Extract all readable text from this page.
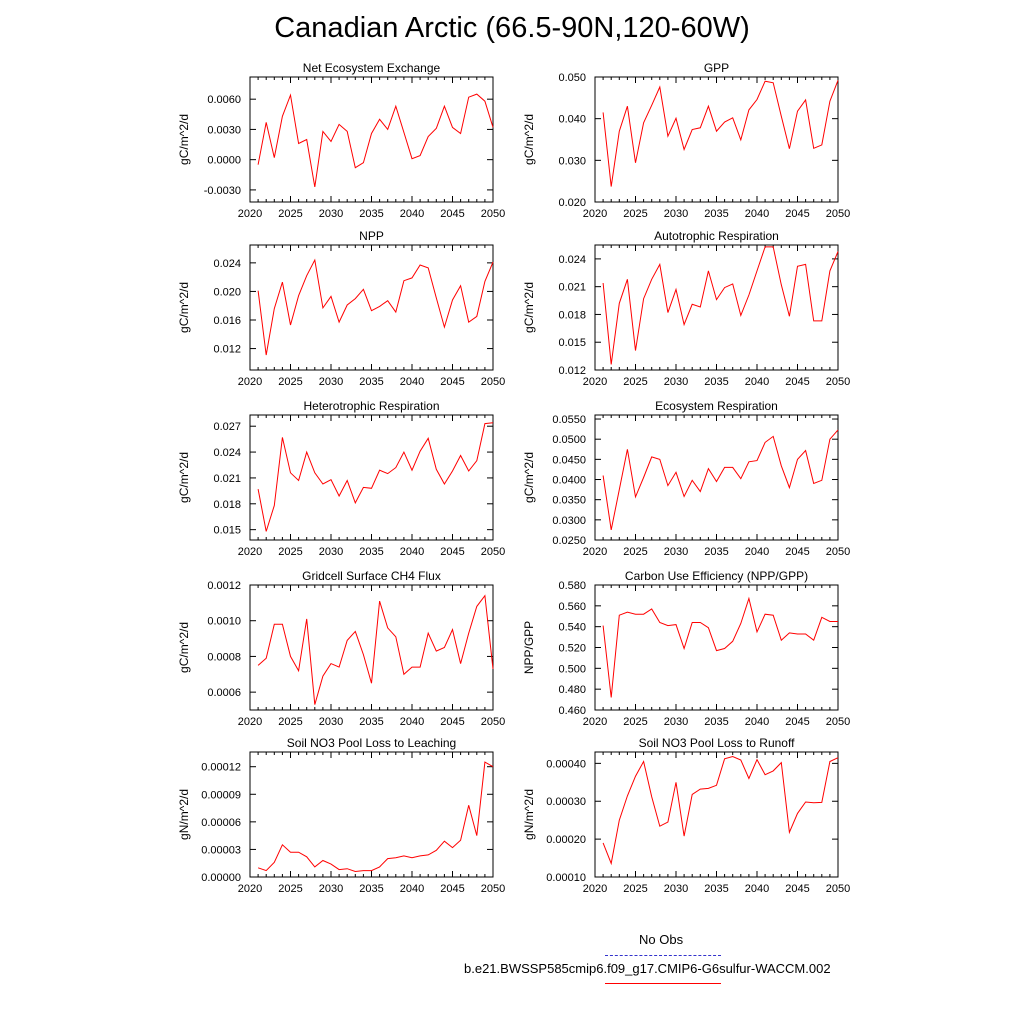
Canadian Arctic (66.5-90N,120-60W)
Net Ecosystem Exchange
gC/m^2/d
2020 2025 2030 2035 2040 2045 2050
-0.0030
0.0000
0.0030
0.0060
GPP
gC/m^2/d
2020 2025 2030 2035 2040 2045 2050
0.020
0.030
0.040
0.050
NPP
gC/m^2/d
2020 2025 2030 2035 2040 2045 2050
0.012
0.016
0.020
0.024
Autotrophic Respiration
gC/m^2/d
2020 2025 2030 2035 2040 2045 2050
0.012
0.015
0.018
0.021
0.024
Heterotrophic Respiration
gC/m^2/d
2020 2025 2030 2035 2040 2045 2050
0.015
0.018
0.021
0.024
0.027
Ecosystem Respiration
gC/m^2/d
2020 2025 2030 2035 2040 2045 2050
0.0250
0.0300
0.0350
0.0400
0.0450
0.0500
0.0550
Gridcell Surface CH4 Flux
gC/m^2/d
2020 2025 2030 2035 2040 2045 2050
0.0006
0.0008
0.0010
0.0012
Carbon Use Efficiency (NPP/GPP)
NPP/GPP
2020 2025 2030 2035 2040 2045 2050
0.460
0.480
0.500
0.520
0.540
0.560
0.580
Soil NO3 Pool Loss to Leaching
gN/m^2/d
2020 2025 2030 2035 2040 2045 2050
0.00000
0.00003
0.00006
0.00009
0.00012
Soil NO3 Pool Loss to Runoff
gN/m^2/d
2020 2025 2030 2035 2040 2045 2050
0.00010
0.00020
0.00030
0.00040
No Obs
b.e21.BWSSP585cmip6.f09_g17.CMIP6-G6sulfur-WACCM.002
